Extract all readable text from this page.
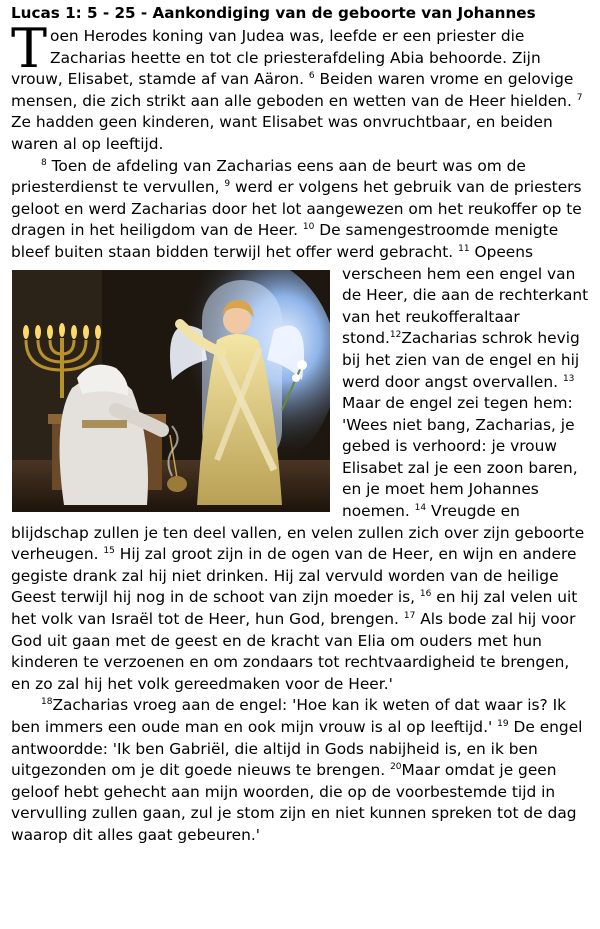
Lucas 1: 5 - 25 - Aankondiging van de geboorte van Johannes

Toen Herodes koning van Judea was, leefde er een priester die Zacharias heette en tot cle priesterafdeling Abia behoorde. Zijn vrouw, Elisabet, stamde af van Aäron. $^6$ Beiden waren vrome en gelovige mensen, die zich strikt aan alle geboden en wetten van de Heer hielden. $^7$ Ze hadden geen kinderen, want Elisabet was onvruchtbaar, en beiden waren al op leeftijd.

$^8$ Toen de afdeling van Zacharias eens aan de beurt was om de priesterdienst te vervullen, $^9$ werd er volgens het gebruik van de priesters geloot en werd Zacharias door het lot aangewezen om het reukoffer op te dragen in het heiligdom van de Heer. $^{10}$ De samengestroomde menigte bleef buiten staan bidden terwijl het offer werd gebracht. $^{11}$ Opeens verscheen hem een engel van de Heer, die aan de rechterkant van het reukofferaltaar stond.$^{12}$Zacharias schrok hevig bij het zien van de engel en hij werd door angst overvallen. $^{13}$ Maar de engel zei tegen hem: 'Wees niet bang, Zacharias, je gebed is verhoord: je vrouw Elisabet zal je een zoon baren, en je moet hem Johannes noemen. $^{14}$ Vreugde en blijdschap zullen je ten deel vallen, en velen zullen zich over zijn geboorte verheugen. $^{15}$ Hij zal groot zijn in de ogen van de Heer, en wijn en andere gegiste drank zal hij niet drinken. Hij zal vervuld worden van de heilige Geest terwijl hij nog in de schoot van zijn moeder is, $^{16}$ en hij zal velen uit het volk van Israël tot de Heer, hun God, brengen. $^{17}$ Als bode zal hij voor God uit gaan met de geest en de kracht van Elia om ouders met hun kinderen te verzoenen en om zondaars tot rechtvaardigheid te brengen, en zo zal hij het volk gereedmaken voor de Heer.'

$^{18}$Zacharias vroeg aan de engel: 'Hoe kan ik weten of dat waar is? Ik ben immers een oude man en ook mijn vrouw is al op leeftijd.' $^{19}$ De engel antwoordde: 'Ik ben Gabriël, die altijd in Gods nabijheid is, en ik ben uitgezonden om je dit goede nieuws te brengen. $^{20}$Maar omdat je geen geloof hebt gehecht aan mijn woorden, die op de voorbestemde tijd in vervulling zullen gaan, zul je stom zijn en niet kunnen spreken tot de dag waarop dit alles gaat gebeuren.'
